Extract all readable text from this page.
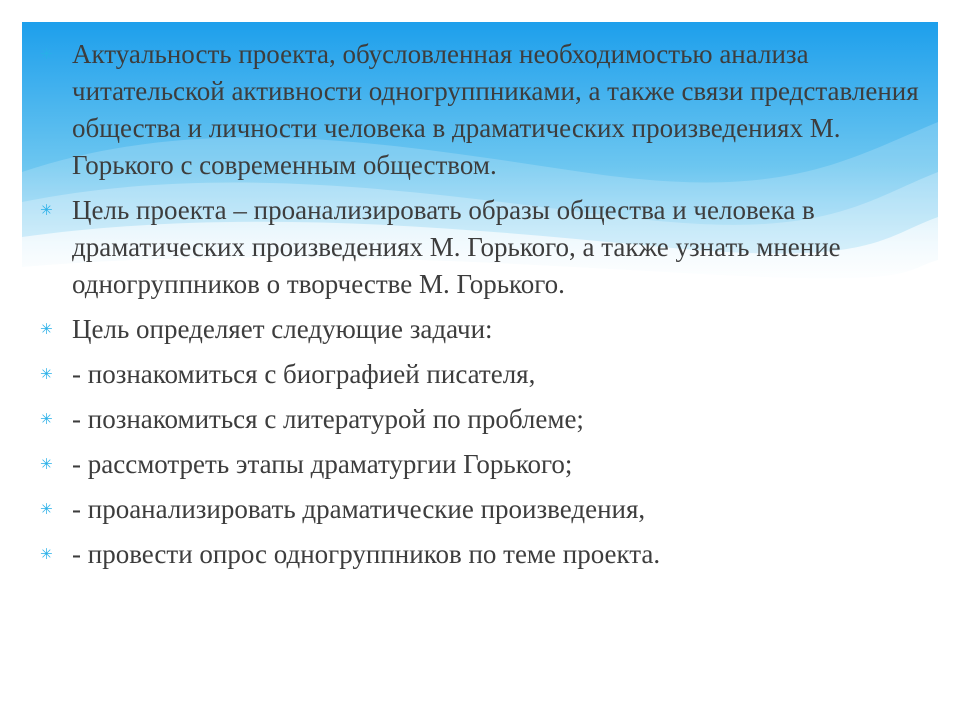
✳ Актуальность проекта, обусловленная необходимостью анализа читательской активности одногруппниками, а также связи представления общества и личности человека в драматических произведениях М. Горького с современным обществом.
✳ Цель проекта – проанализировать образы общества и человека в драматических произведениях М. Горького, а также узнать мнение одногруппников о творчестве М. Горького.
✳ Цель определяет следующие задачи:
✳ - познакомиться с биографией писателя,
✳ - познакомиться с литературой по проблеме;
✳ - рассмотреть этапы драматургии Горького;
✳ - проанализировать драматические произведения,
✳ - провести опрос одногруппников по теме проекта.
